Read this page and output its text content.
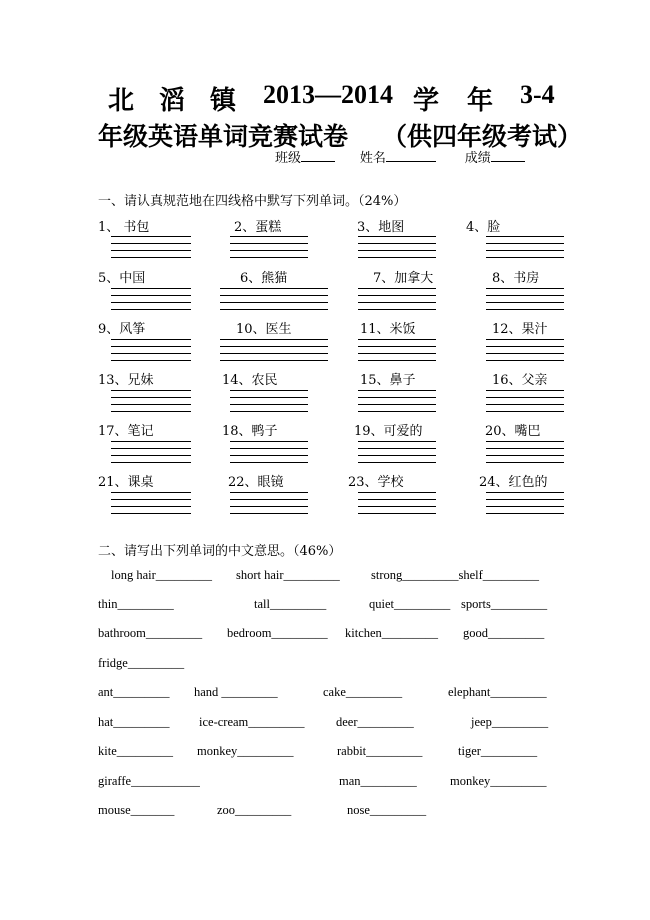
北 滔 镇 2013—2014 学 年 3-4
年级英语单词竞赛试卷 （供四年级考试）
班级	姓名	成绩
一、请认真规范地在四线格中默写下列单词。（24%）
1、 书包	2、蛋糕	3、地图	4、脸
5、中国	6、熊猫	7、加拿大	8、书房
9、风筝	10、医生	11、米饭	12、果汁
13、兄妹	14、农民	15、鼻子	16、父亲
17、笔记	18、鸭子	19、可爱的	20、嘴巴
21、课桌	22、眼镜	23、学校	24、红色的
二、请写出下列单词的中文意思。（46%）
long hair_________ short hair_________ strong_________shelf_________
thin_________	tall_________	quiet_________ sports_________
bathroom_________ bedroom_________ kitchen_________ good_________
fridge_________
ant_________ hand _________	cake_________	elephant_________
hat_________ ice-cream_________	deer_________	jeep_________
kite_________ monkey_________	rabbit_________	tiger_________
giraffe___________	man_________	monkey_________
mouse_______	zoo_________	nose_________
